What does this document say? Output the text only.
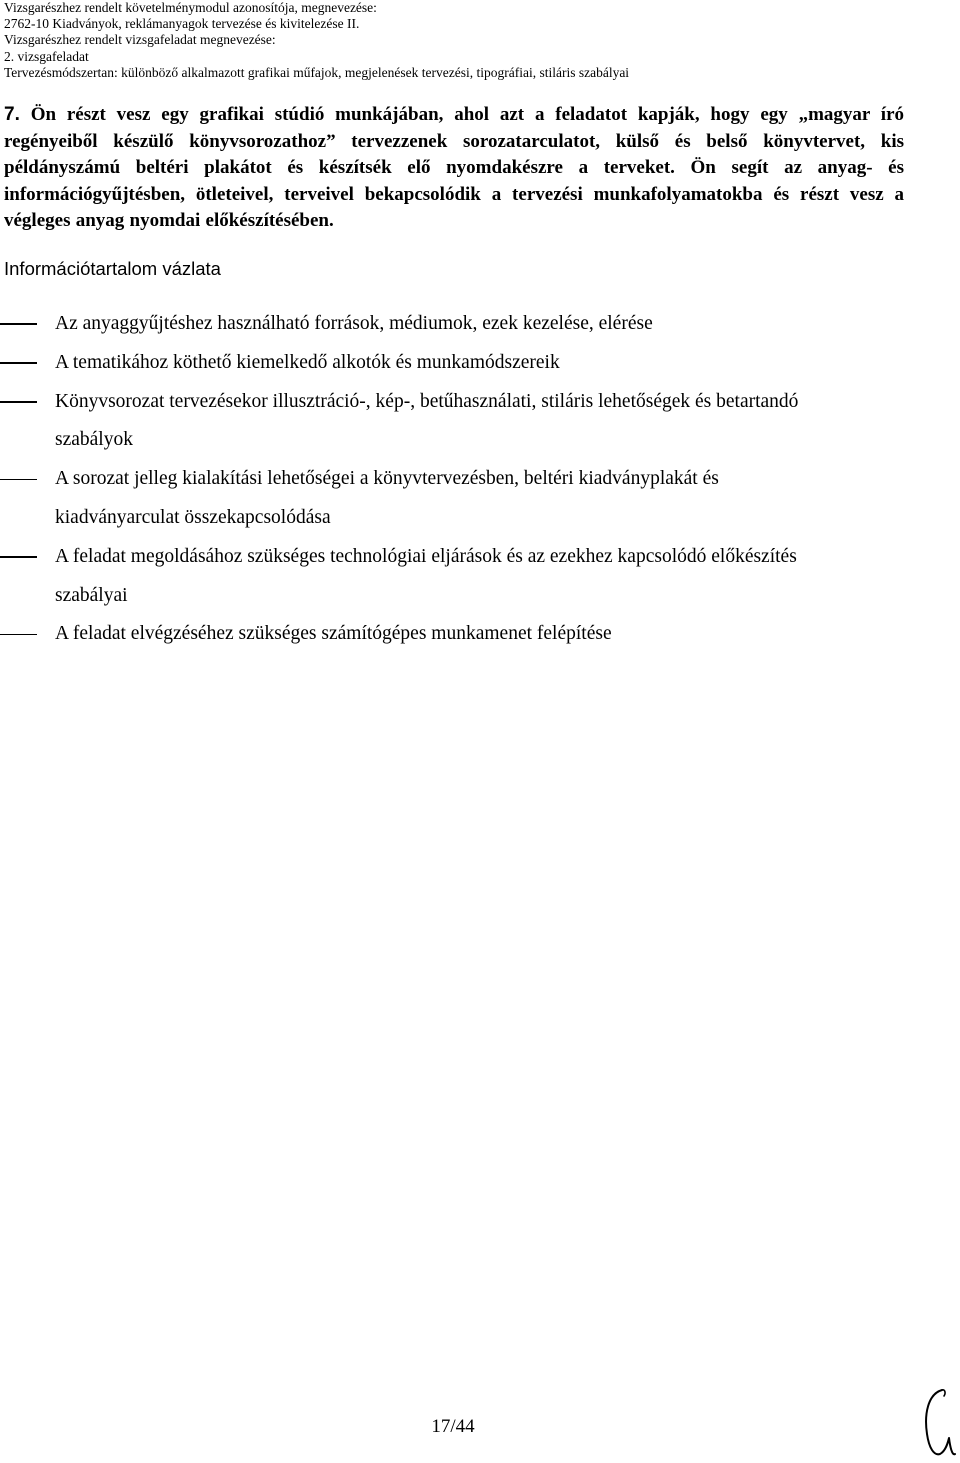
Vizsgarészhez rendelt követelménymodul azonosítója, megnevezése:
2762-10 Kiadványok, reklámanyagok tervezése és kivitelezése II.
Vizsgarészhez rendelt vizsgafeladat megnevezése:
2. vizsgafeladat
Tervezésmódszertan: különböző alkalmazott grafikai műfajok, megjelenések tervezési, tipográfiai, stiláris szabályai
7. Ön részt vesz egy grafikai stúdió munkájában, ahol azt a feladatot kapják, hogy egy „magyar író regényeiből készülő könyvsorozathoz” tervezzenek sorozatarculatot, külső és belső könyvtervet, kis példányszámú beltéri plakátot és készítsék elő nyomdakészre a terveket. Ön segít az anyag- és információgyűjtésben, ötleteivel, terveivel bekapcsolódik a tervezési munkafolyamatokba és részt vesz a végleges anyag nyomdai előkészítésében.
Információtartalom vázlata
Az anyaggyűjtéshez használható források, médiumok, ezek kezelése, elérése
A tematikához köthető kiemelkedő alkotók és munkamódszereik
Könyvsorozat tervezésekor illusztráció-, kép-, betűhasználati, stiláris lehetőségek és betartandó szabályok
A sorozat jelleg kialakítási lehetőségei a könyvtervezésben, beltéri kiadványplakát és kiadványarculat összekapcsolódása
A feladat megoldásához szükséges technológiai eljárások és az ezekhez kapcsolódó előkészítés szabályai
A feladat elvégzéséhez szükséges számítógépes munkamenet felépítése
17/44
